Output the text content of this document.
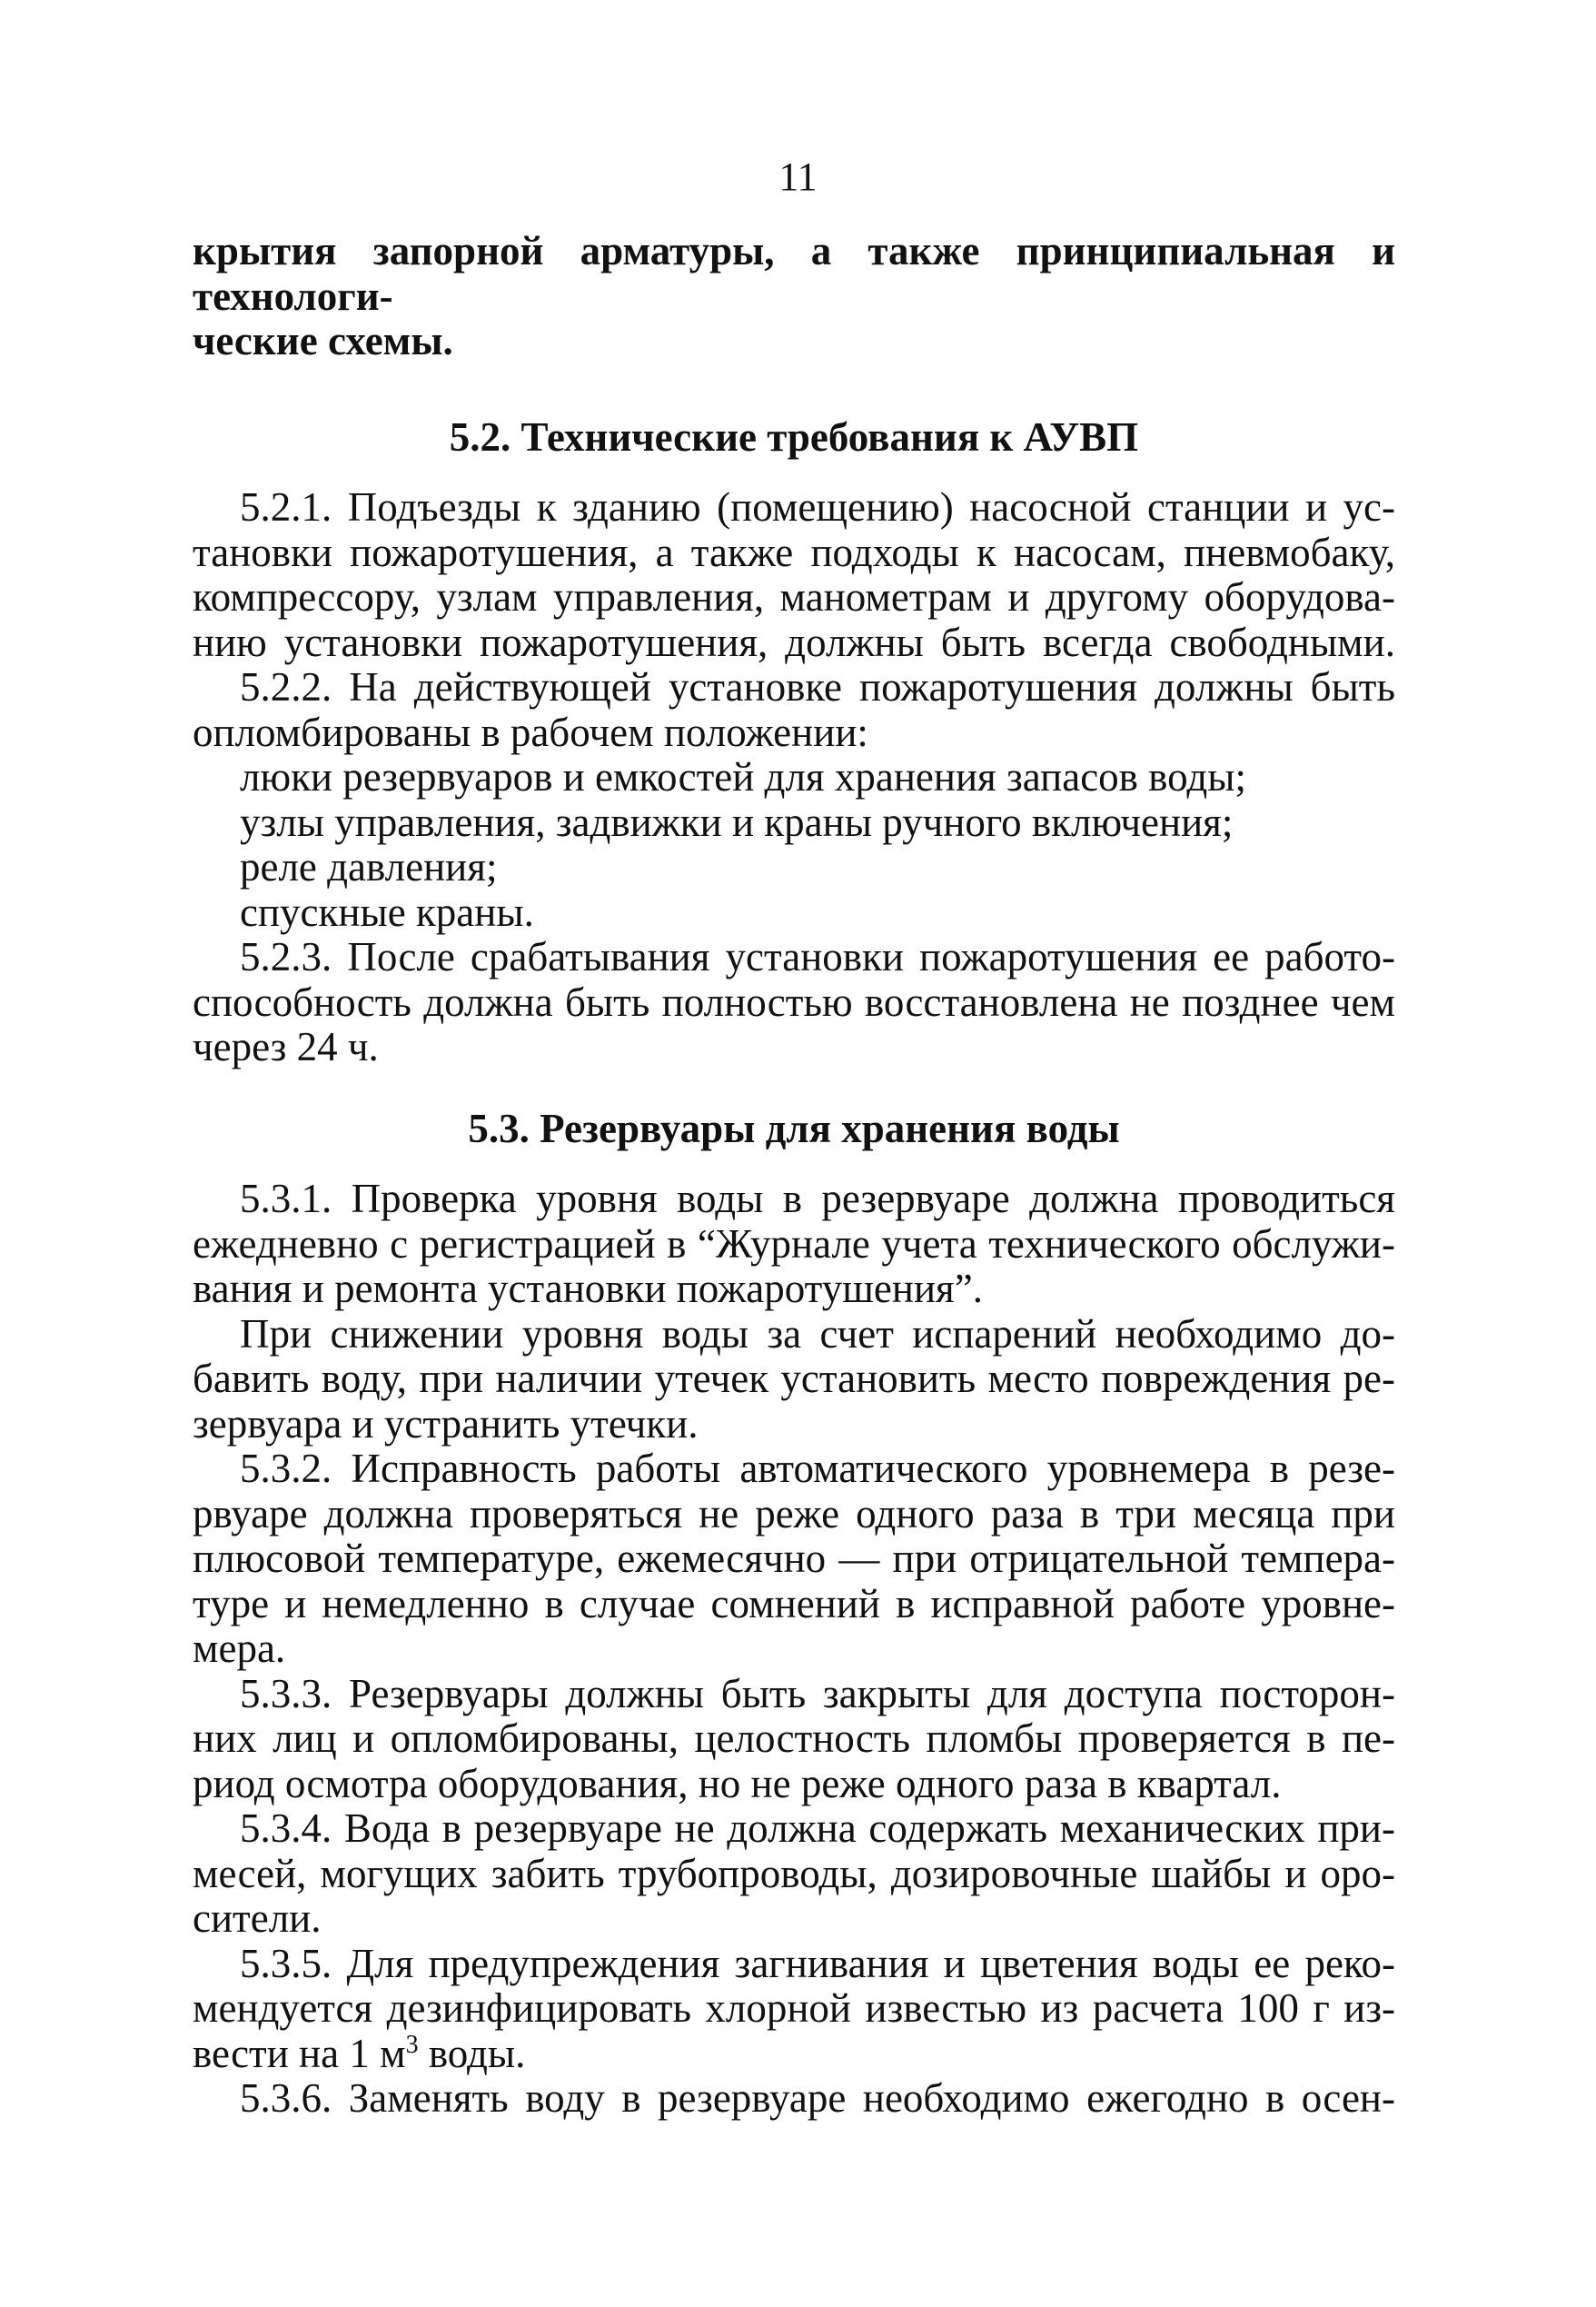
11

крытия запорной арматуры, а также принципиальная и технологи-
ческие схемы.

5.2. Технические требования к АУВП
5.2.1. Подъезды к зданию (помещению) насосной станции и ус-
тановки пожаротушения, а также подходы к насосам, пневмобаку,
компрессору, узлам управления, манометрам и другому оборудова-
нию установки пожаротушения, должны быть всегда свободными.
5.2.2. На действующей установке пожаротушения должны быть
опломбированы в рабочем положении:
люки резервуаров и емкостей для хранения запасов воды;
узлы управления, задвижки и краны ручного включения;
реле давления;
спускные краны.
5.2.3. После срабатывания установки пожаротушения ее работо-
способность должна быть полностью восстановлена не позднее чем
через 24 ч.
5.3. Резервуары для хранения воды
5.3.1. Проверка уровня воды в резервуаре должна проводиться
ежедневно с регистрацией в “Журнале учета технического обслужи-
вания и ремонта установки пожаротушения”.
При снижении уровня воды за счет испарений необходимо до-
бавить воду, при наличии утечек установить место повреждения ре-
зервуара и устранить утечки.
5.3.2. Исправность работы автоматического уровнемера в резе-
рвуаре должна проверяться не реже одного раза в три месяца при
плюсовой температуре, ежемесячно — при отрицательной темпера-
туре и немедленно в случае сомнений в исправной работе уровне-
мера.
5.3.3. Резервуары должны быть закрыты для доступа посторон-
них лиц и опломбированы, целостность пломбы проверяется в пе-
риод осмотра оборудования, но не реже одного раза в квартал.
5.3.4. Вода в резервуаре не должна содержать механических при-
месей, могущих забить трубопроводы, дозировочные шайбы и оро-
сители.
5.3.5. Для предупреждения загнивания и цветения воды ее реко-
мендуется дезинфицировать хлорной известью из расчета 100 г из-
вести на 1 $м^3$ воды.
5.3.6. Заменять воду в резервуаре необходимо ежегодно в осен-
